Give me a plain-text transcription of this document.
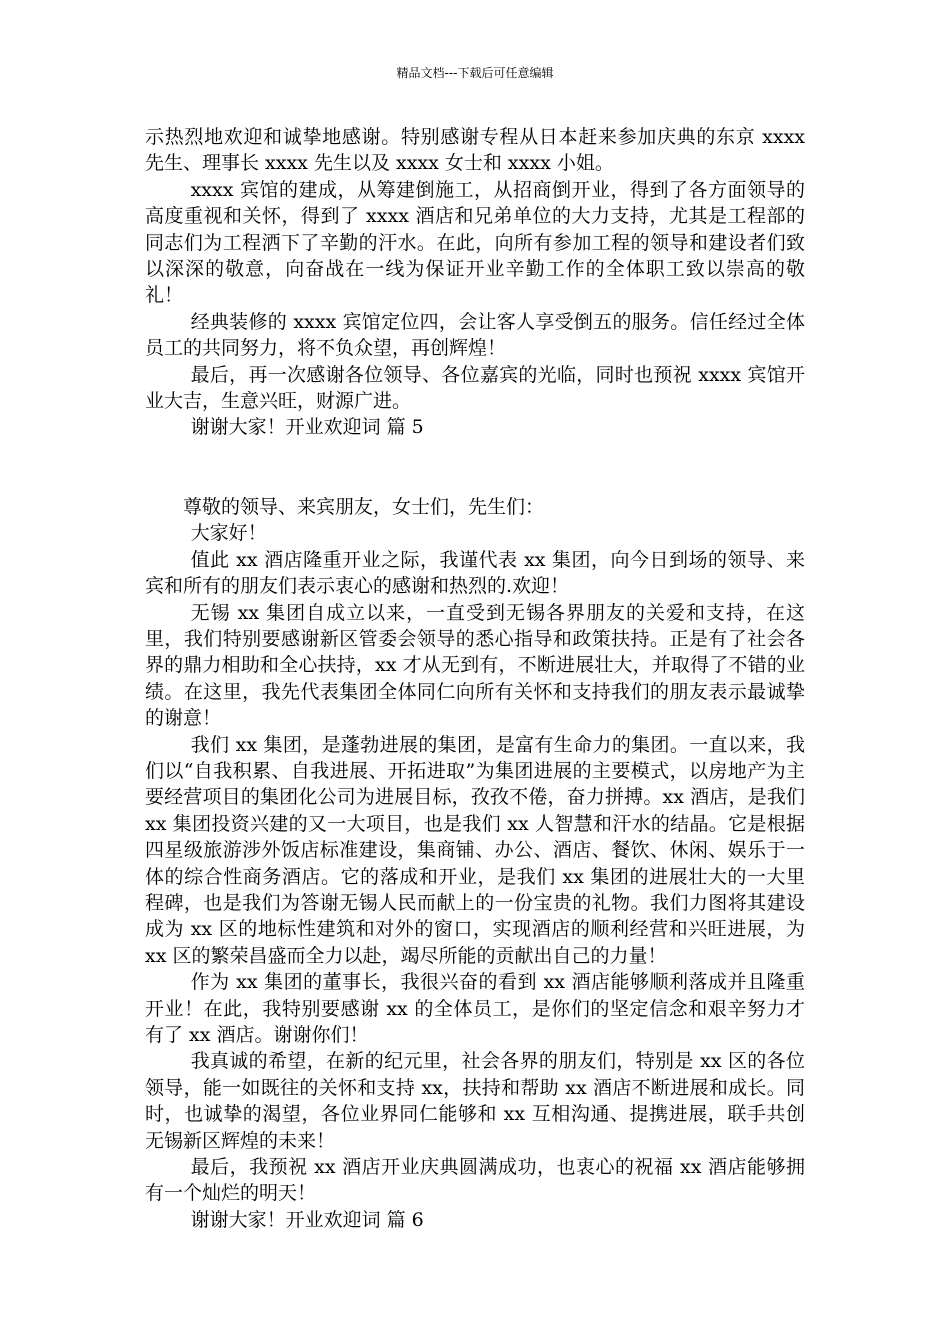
精品文档---下载后可任意编辑

示热烈地欢迎和诚挚地感谢。特别感谢专程从日本赶来参加庆典的东京 xxxx 先生、理事长 xxxx 先生以及 xxxx 女士和 xxxx 小姐。

xxxx 宾馆的建成，从筹建倒施工，从招商倒开业，得到了各方面领导的高度重视和关怀，得到了 xxxx 酒店和兄弟单位的大力支持，尤其是工程部的同志们为工程洒下了辛勤的汗水。在此，向所有参加工程的领导和建设者们致以深深的敬意，向奋战在一线为保证开业辛勤工作的全体职工致以崇高的敬礼！

经典装修的 xxxx 宾馆定位四，会让客人享受倒五的服务。信任经过全体员工的共同努力，将不负众望，再创辉煌！

最后，再一次感谢各位领导、各位嘉宾的光临，同时也预祝 xxxx 宾馆开业大吉，生意兴旺，财源广进。

谢谢大家！开业欢迎词 篇 5

尊敬的领导、来宾朋友，女士们，先生们：

大家好！

值此 xx 酒店隆重开业之际，我谨代表 xx 集团，向今日到场的领导、来宾和所有的朋友们表示衷心的感谢和热烈的.欢迎！

无锡 xx 集团自成立以来，一直受到无锡各界朋友的关爱和支持，在这里，我们特别要感谢新区管委会领导的悉心指导和政策扶持。正是有了社会各界的鼎力相助和全心扶持，xx 才从无到有，不断进展壮大，并取得了不错的业绩。在这里，我先代表集团全体同仁向所有关怀和支持我们的朋友表示最诚挚的谢意！

我们 xx 集团，是蓬勃进展的集团，是富有生命力的集团。一直以来，我们以“自我积累、自我进展、开拓进取”为集团进展的主要模式，以房地产为主要经营项目的集团化公司为进展目标，孜孜不倦，奋力拼搏。xx 酒店，是我们 xx 集团投资兴建的又一大项目，也是我们 xx 人智慧和汗水的结晶。它是根据四星级旅游涉外饭店标准建设，集商铺、办公、酒店、餐饮、休闲、娱乐于一体的综合性商务酒店。它的落成和开业，是我们 xx 集团的进展壮大的一大里程碑，也是我们为答谢无锡人民而献上的一份宝贵的礼物。我们力图将其建设成为 xx 区的地标性建筑和对外的窗口，实现酒店的顺利经营和兴旺进展，为 xx 区的繁荣昌盛而全力以赴，竭尽所能的贡献出自己的力量！

作为 xx 集团的董事长，我很兴奋的看到 xx 酒店能够顺利落成并且隆重开业！在此，我特别要感谢 xx 的全体员工，是你们的坚定信念和艰辛努力才有了 xx 酒店。谢谢你们！

我真诚的希望，在新的纪元里，社会各界的朋友们，特别是 xx 区的各位领导，能一如既往的关怀和支持 xx，扶持和帮助 xx 酒店不断进展和成长。同时，也诚挚的渴望，各位业界同仁能够和 xx 互相沟通、提携进展，联手共创无锡新区辉煌的未来！

最后，我预祝 xx 酒店开业庆典圆满成功，也衷心的祝福 xx 酒店能够拥有一个灿烂的明天！

谢谢大家！开业欢迎词 篇 6
